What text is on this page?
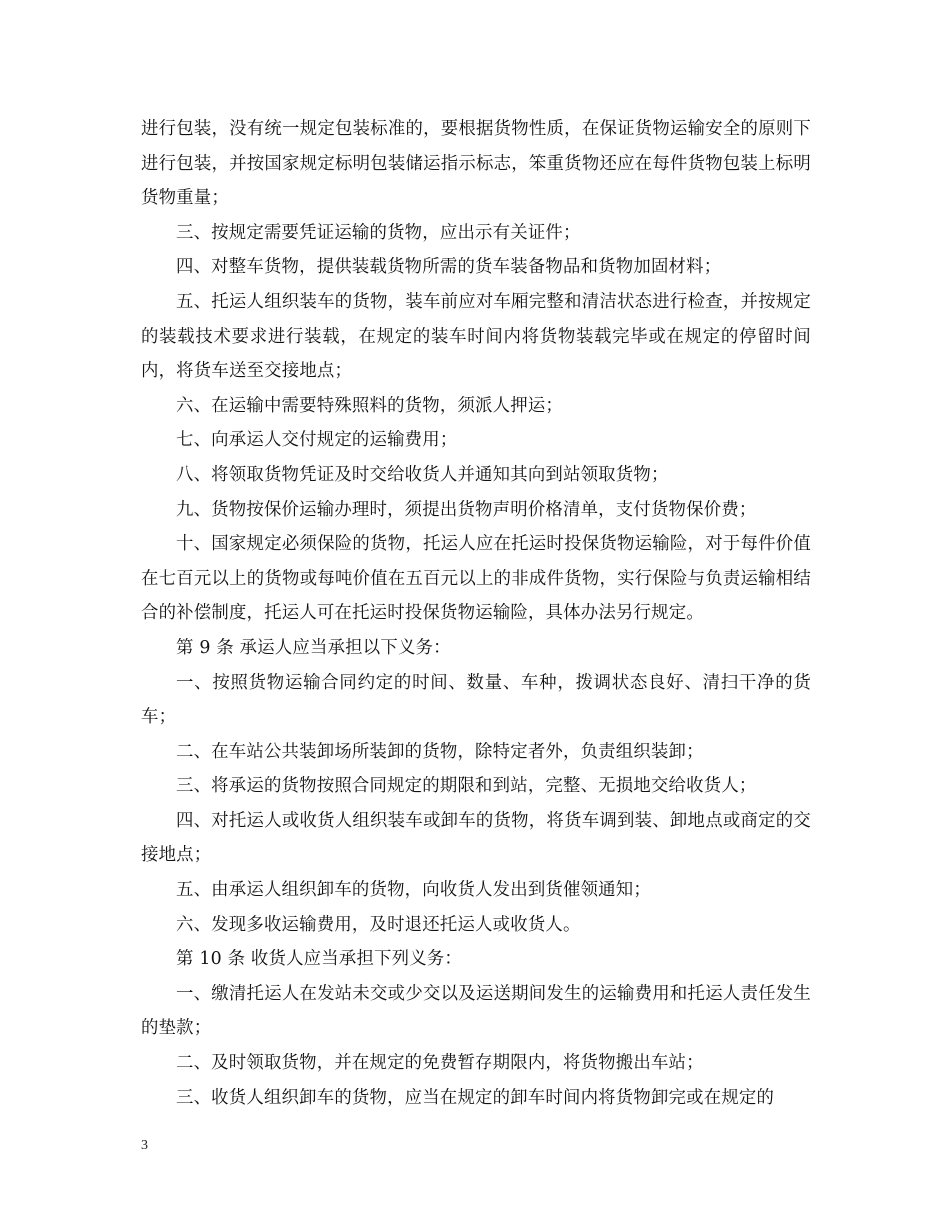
进行包装，没有统一规定包装标准的，要根据货物性质，在保证货物运输安全的原则下进行包装，并按国家规定标明包装储运指示标志，笨重货物还应在每件货物包装上标明货物重量；

三、按规定需要凭证运输的货物，应出示有关证件；

四、对整车货物，提供装载货物所需的货车装备物品和货物加固材料；

五、托运人组织装车的货物，装车前应对车厢完整和清洁状态进行检查，并按规定的装载技术要求进行装载，在规定的装车时间内将货物装载完毕或在规定的停留时间内，将货车送至交接地点；

六、在运输中需要特殊照料的货物，须派人押运；

七、向承运人交付规定的运输费用；

八、将领取货物凭证及时交给收货人并通知其向到站领取货物；

九、货物按保价运输办理时，须提出货物声明价格清单，支付货物保价费；

十、国家规定必须保险的货物，托运人应在托运时投保货物运输险，对于每件价值在七百元以上的货物或每吨价值在五百元以上的非成件货物，实行保险与负责运输相结合的补偿制度，托运人可在托运时投保货物运输险，具体办法另行规定。

第 9 条 承运人应当承担以下义务：

一、按照货物运输合同约定的时间、数量、车种，拨调状态良好、清扫干净的货车；

二、在车站公共装卸场所装卸的货物，除特定者外，负责组织装卸；

三、将承运的货物按照合同规定的期限和到站，完整、无损地交给收货人；

四、对托运人或收货人组织装车或卸车的货物，将货车调到装、卸地点或商定的交接地点；

五、由承运人组织卸车的货物，向收货人发出到货催领通知；

六、发现多收运输费用，及时退还托运人或收货人。

第 10 条 收货人应当承担下列义务：

一、缴清托运人在发站未交或少交以及运送期间发生的运输费用和托运人责任发生的垫款；

二、及时领取货物，并在规定的免费暂存期限内，将货物搬出车站；

三、收货人组织卸车的货物，应当在规定的卸车时间内将货物卸完或在规定的

3
